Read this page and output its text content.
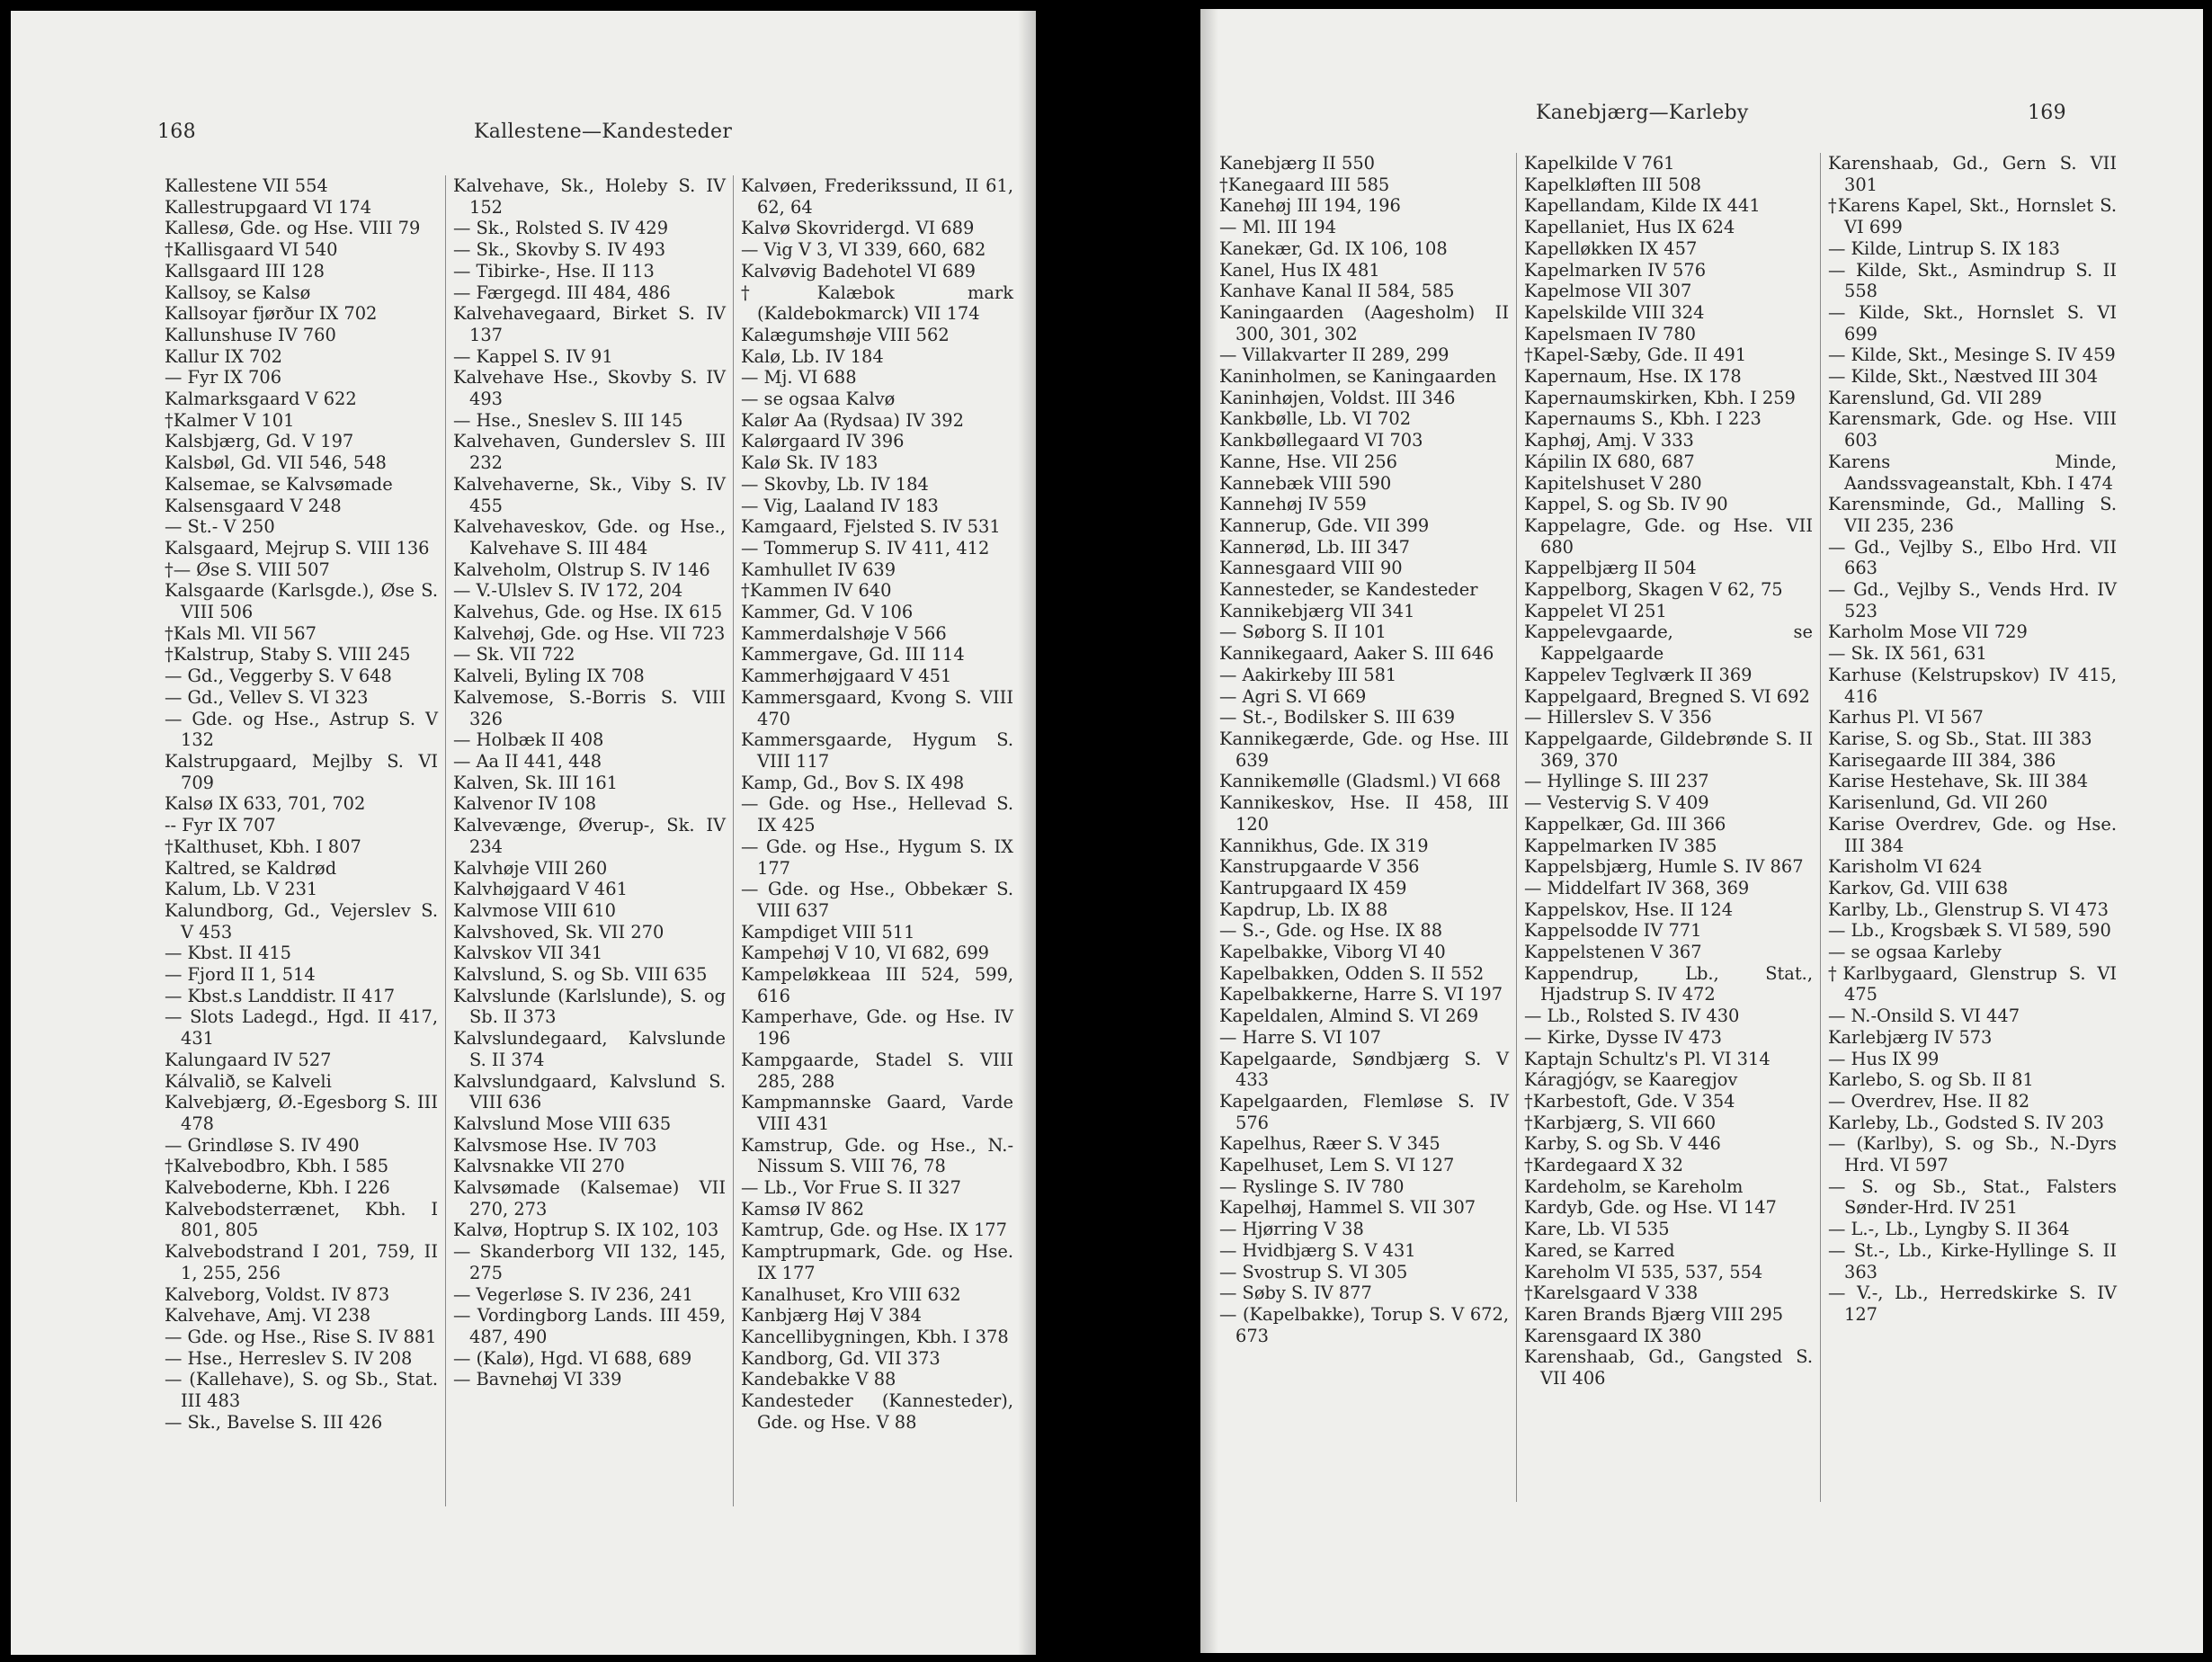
168	Kallestene—Kandesteder
Kallestene VII 554
Kallestrupgaard VI 174
Kallesø, Gde. og Hse. VIII 79
†Kallisgaard VI 540
Kallsgaard III 128
Kallsoy, se Kalsø
Kallsoyar fjørður IX 702
Kallunshuse IV 760
Kallur IX 702
— Fyr IX 706
Kalmarksgaard V 622
†Kalmer V 101
Kalsbjærg, Gd. V 197
Kalsbøl, Gd. VII 546, 548
Kalsemae, se Kalvsømade
Kalsensgaard V 248
— St.- V 250
Kalsgaard, Mejrup S. VIII 136
†— Øse S. VIII 507
Kalsgaarde (Karlsgde.), Øse S. VIII 506
†Kals Ml. VII 567
†Kalstrup, Staby S. VIII 245
— Gd., Veggerby S. V 648
— Gd., Vellev S. VI 323
— Gde. og Hse., Astrup S. V 132
Kalstrupgaard, Mejlby S. VI 709
Kalsø IX 633, 701, 702
-- Fyr IX 707
†Kalthuset, Kbh. I 807
Kaltred, se Kaldrød
Kalum, Lb. V 231
Kalundborg, Gd., Vejerslev S. V 453
— Kbst. II 415
— Fjord II 1, 514
— Kbst.s Landdistr. II 417
— Slots Ladegd., Hgd. II 417, 431
Kalungaard IV 527
Kálvalið, se Kalveli
Kalvebjærg, Ø.-Egesborg S. III 478
— Grindløse S. IV 490
†Kalvebodbro, Kbh. I 585
Kalveboderne, Kbh. I 226
Kalvebodsterrænet, Kbh. I 801, 805
Kalvebodstrand I 201, 759, II 1, 255, 256
Kalveborg, Voldst. IV 873
Kalvehave, Amj. VI 238
— Gde. og Hse., Rise S. IV 881
— Hse., Herreslev S. IV 208
— (Kallehave), S. og Sb., Stat. III 483
— Sk., Bavelse S. III 426
Kalvehave, Sk., Holeby S. IV 152
— Sk., Rolsted S. IV 429
— Sk., Skovby S. IV 493
— Tibirke-, Hse. II 113
— Færgegd. III 484, 486
Kalvehavegaard, Birket S. IV 137
— Kappel S. IV 91
Kalvehave Hse., Skovby S. IV 493
— Hse., Sneslev S. III 145
Kalvehaven, Gunderslev S. III 232
Kalvehaverne, Sk., Viby S. IV 455
Kalvehaveskov, Gde. og Hse., Kalvehave S. III 484
Kalveholm, Olstrup S. IV 146
— V.-Ulslev S. IV 172, 204
Kalvehus, Gde. og Hse. IX 615
Kalvehøj, Gde. og Hse. VII 723
— Sk. VII 722
Kalveli, Byling IX 708
Kalvemose, S.-Borris S. VIII 326
— Holbæk II 408
— Aa II 441, 448
Kalven, Sk. III 161
Kalvenor IV 108
Kalvevænge, Øverup-, Sk. IV 234
Kalvhøje VIII 260
Kalvhøjgaard V 461
Kalvmose VIII 610
Kalvshoved, Sk. VII 270
Kalvskov VII 341
Kalvslund, S. og Sb. VIII 635
Kalvslunde (Karlslunde), S. og Sb. II 373
Kalvslundegaard, Kalvslunde S. II 374
Kalvslundgaard, Kalvslund S. VIII 636
Kalvslund Mose VIII 635
Kalvsmose Hse. IV 703
Kalvsnakke VII 270
Kalvsømade (Kalsemae) VII 270, 273
Kalvø, Hoptrup S. IX 102, 103
— Skanderborg VII 132, 145, 275
— Vegerløse S. IV 236, 241
— Vordingborg Lands. III 459, 487, 490
— (Kalø), Hgd. VI 688, 689
— Bavnehøj VI 339
Kalvøen, Frederikssund, II 61, 62, 64
Kalvø Skovridergd. VI 689
— Vig V 3, VI 339, 660, 682
Kalvøvig Badehotel VI 689
†Kalæbok mark (Kaldebokmarck) VII 174
Kalægumshøje VIII 562
Kalø, Lb. IV 184
— Mj. VI 688
— se ogsaa Kalvø
Kalør Aa (Rydsaa) IV 392
Kalørgaard IV 396
Kalø Sk. IV 183
— Skovby, Lb. IV 184
— Vig, Laaland IV 183
Kamgaard, Fjelsted S. IV 531
— Tommerup S. IV 411, 412
Kamhullet IV 639
†Kammen IV 640
Kammer, Gd. V 106
Kammerdalshøje V 566
Kammergave, Gd. III 114
Kammerhøjgaard V 451
Kammersgaard, Kvong S. VIII 470
Kammersgaarde, Hygum S. VIII 117
Kamp, Gd., Bov S. IX 498
— Gde. og Hse., Hellevad S. IX 425
— Gde. og Hse., Hygum S. IX 177
— Gde. og Hse., Obbekær S. VIII 637
Kampdiget VIII 511
Kampehøj V 10, VI 682, 699
Kampeløkkeaa III 524, 599, 616
Kamperhave, Gde. og Hse. IV 196
Kampgaarde, Stadel S. VIII 285, 288
Kampmannske Gaard, Varde VIII 431
Kamstrup, Gde. og Hse., N.-Nissum S. VIII 76, 78
— Lb., Vor Frue S. II 327
Kamsø IV 862
Kamtrup, Gde. og Hse. IX 177
Kamptrupmark, Gde. og Hse. IX 177
Kanalhuset, Kro VIII 632
Kanbjærg Høj V 384
Kancellibygningen, Kbh. I 378
Kandborg, Gd. VII 373
Kandebakke V 88
Kandesteder (Kannesteder), Gde. og Hse. V 88
Kanebjærg—Karleby	169
Kanebjærg II 550
†Kanegaard III 585
Kanehøj III 194, 196
— Ml. III 194
Kanekær, Gd. IX 106, 108
Kanel, Hus IX 481
Kanhave Kanal II 584, 585
Kaningaarden (Aagesholm) II 300, 301, 302
— Villakvarter II 289, 299
Kaninholmen, se Kaningaarden
Kaninhøjen, Voldst. III 346
Kankbølle, Lb. VI 702
Kankbøllegaard VI 703
Kanne, Hse. VII 256
Kannebæk VIII 590
Kannehøj IV 559
Kannerup, Gde. VII 399
Kannerød, Lb. III 347
Kannesgaard VIII 90
Kannesteder, se Kandesteder
Kannikebjærg VII 341
— Søborg S. II 101
Kannikegaard, Aaker S. III 646
— Aakirkeby III 581
— Agri S. VI 669
— St.-, Bodilsker S. III 639
Kannikegærde, Gde. og Hse. III 639
Kannikemølle (Gladsml.) VI 668
Kannikeskov, Hse. II 458, III 120
Kannikhus, Gde. IX 319
Kanstrupgaarde V 356
Kantrupgaard IX 459
Kapdrup, Lb. IX 88
— S.-, Gde. og Hse. IX 88
Kapelbakke, Viborg VI 40
Kapelbakken, Odden S. II 552
Kapelbakkerne, Harre S. VI 197
Kapeldalen, Almind S. VI 269
— Harre S. VI 107
Kapelgaarde, Søndbjærg S. V 433
Kapelgaarden, Flemløse S. IV 576
Kapelhus, Ræer S. V 345
Kapelhuset, Lem S. VI 127
— Ryslinge S. IV 780
Kapelhøj, Hammel S. VII 307
— Hjørring V 38
— Hvidbjærg S. V 431
— Svostrup S. VI 305
— Søby S. IV 877
— (Kapelbakke), Torup S. V 672, 673
Kapelkilde V 761
Kapelkløften III 508
Kapellandam, Kilde IX 441
Kapellaniet, Hus IX 624
Kapelløkken IX 457
Kapelmarken IV 576
Kapelmose VII 307
Kapelskilde VIII 324
Kapelsmaen IV 780
†Kapel-Sæby, Gde. II 491
Kapernaum, Hse. IX 178
Kapernaumskirken, Kbh. I 259
Kapernaums S., Kbh. I 223
Kaphøj, Amj. V 333
Kápilin IX 680, 687
Kapitelshuset V 280
Kappel, S. og Sb. IV 90
Kappelagre, Gde. og Hse. VII 680
Kappelbjærg II 504
Kappelborg, Skagen V 62, 75
Kappelet VI 251
Kappelevgaarde, se Kappelgaarde
Kappelev Teglværk II 369
Kappelgaard, Bregned S. VI 692
— Hillerslev S. V 356
Kappelgaarde, Gildebrønde S. II 369, 370
— Hyllinge S. III 237
— Vestervig S. V 409
Kappelkær, Gd. III 366
Kappelmarken IV 385
Kappelsbjærg, Humle S. IV 867
— Middelfart IV 368, 369
Kappelskov, Hse. II 124
Kappelsodde IV 771
Kappelstenen V 367
Kappendrup, Lb., Stat., Hjadstrup S. IV 472
— Lb., Rolsted S. IV 430
— Kirke, Dysse IV 473
Kaptajn Schultz's Pl. VI 314
Káragjógv, se Kaaregjov
†Karbestoft, Gde. V 354
†Karbjærg, S. VII 660
Karby, S. og Sb. V 446
†Kardegaard X 32
Kardeholm, se Kareholm
Kardyb, Gde. og Hse. VI 147
Kare, Lb. VI 535
Kared, se Karred
Kareholm VI 535, 537, 554
†Karelsgaard V 338
Karen Brands Bjærg VIII 295
Karensgaard IX 380
Karenshaab, Gd., Gangsted S. VII 406
Karenshaab, Gd., Gern S. VII 301
†Karens Kapel, Skt., Hornslet S. VI 699
— Kilde, Lintrup S. IX 183
— Kilde, Skt., Asmindrup S. II 558
— Kilde, Skt., Hornslet S. VI 699
— Kilde, Skt., Mesinge S. IV 459
— Kilde, Skt., Næstved III 304
Karenslund, Gd. VII 289
Karensmark, Gde. og Hse. VIII 603
Karens Minde, Aandssvageanstalt, Kbh. I 474
Karensminde, Gd., Malling S. VII 235, 236
— Gd., Vejlby S., Elbo Hrd. VII 663
— Gd., Vejlby S., Vends Hrd. IV 523
Karholm Mose VII 729
— Sk. IX 561, 631
Karhuse (Kelstrupskov) IV 415, 416
Karhus Pl. VI 567
Karise, S. og Sb., Stat. III 383
Karisegaarde III 384, 386
Karise Hestehave, Sk. III 384
Karisenlund, Gd. VII 260
Karise Overdrev, Gde. og Hse. III 384
Karisholm VI 624
Karkov, Gd. VIII 638
Karlby, Lb., Glenstrup S. VI 473
— Lb., Krogsbæk S. VI 589, 590
— se ogsaa Karleby
†Karlbygaard, Glenstrup S. VI 475
— N.-Onsild S. VI 447
Karlebjærg IV 573
— Hus IX 99
Karlebo, S. og Sb. II 81
— Overdrev, Hse. II 82
Karleby, Lb., Godsted S. IV 203
— (Karlby), S. og Sb., N.-Dyrs Hrd. VI 597
— S. og Sb., Stat., Falsters Sønder-Hrd. IV 251
— L.-, Lb., Lyngby S. II 364
— St.-, Lb., Kirke-Hyllinge S. II 363
— V.-, Lb., Herredskirke S. IV 127
